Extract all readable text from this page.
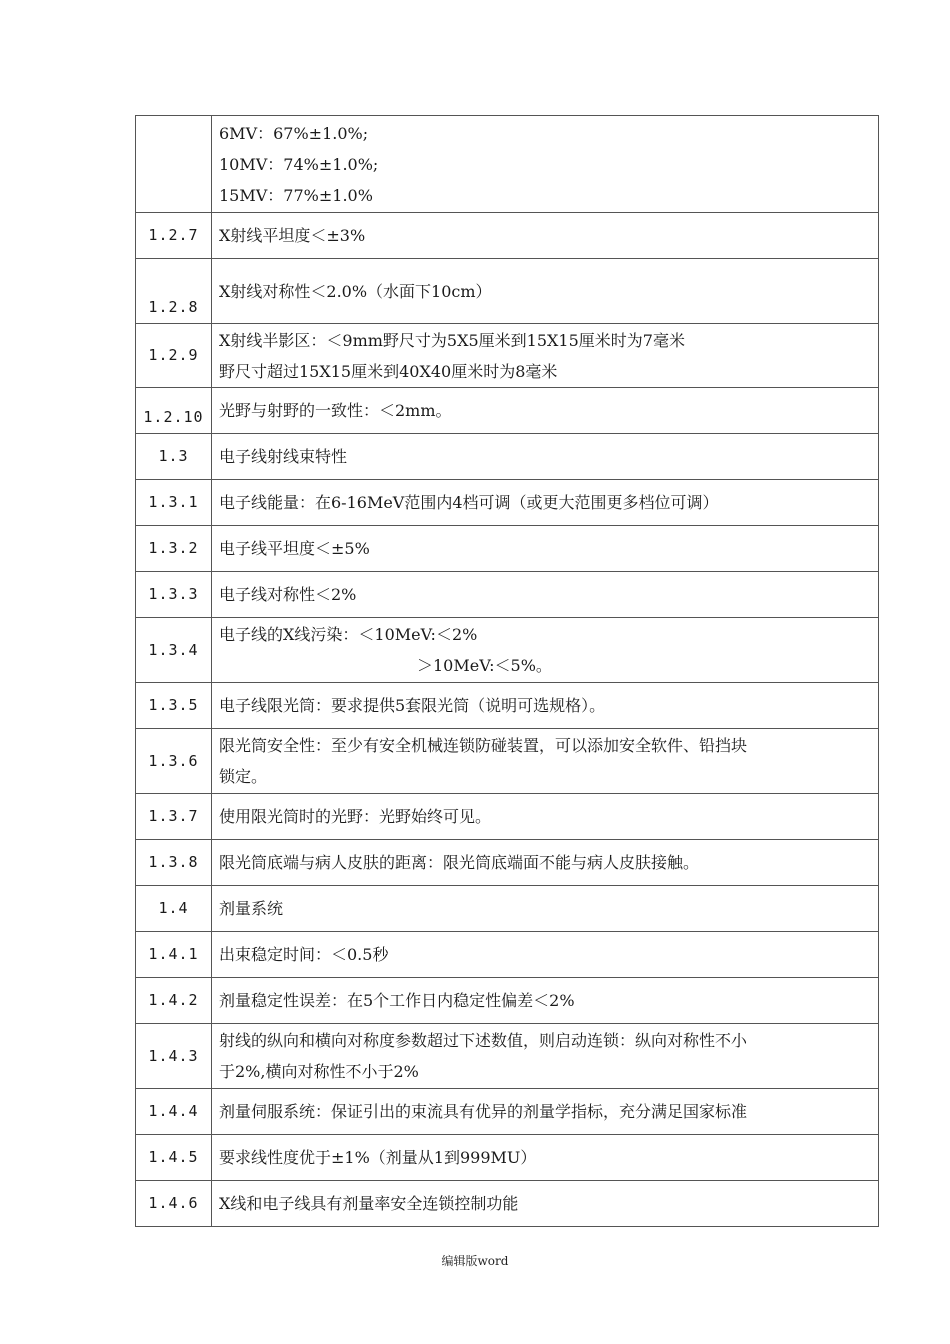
	6MV：67%±1.0%;
10MV：74%±1.0%;
15MV：77%±1.0%

1.2.7	X射线平坦度＜±3%

1.2.8	X射线对称性＜2.0%（水面下10cm）

1.2.9	X射线半影区：＜9mm野尺寸为5X5厘米到15X15厘米时为7毫米
野尺寸超过15X15厘米到40X40厘米时为8毫米

1.2.10	光野与射野的一致性：＜2mm。

1.3	电子线射线束特性

1.3.1	电子线能量：在6-16MeV范围内4档可调（或更大范围更多档位可调）

1.3.2	电子线平坦度＜±5%

1.3.3	电子线对称性＜2%

1.3.4	电子线的X线污染：＜10MeV:＜2%
＞10MeV:＜5%。

1.3.5	电子线限光筒：要求提供5套限光筒（说明可选规格）。

1.3.6	限光筒安全性：至少有安全机械连锁防碰装置，可以添加安全软件、铅挡块
锁定。

1.3.7	使用限光筒时的光野：光野始终可见。

1.3.8	限光筒底端与病人皮肤的距离：限光筒底端面不能与病人皮肤接触。

1.4	剂量系统

1.4.1	出束稳定时间：＜0.5秒

1.4.2	剂量稳定性误差：在5个工作日内稳定性偏差＜2%

1.4.3	射线的纵向和横向对称度参数超过下述数值，则启动连锁：纵向对称性不小
于2%,横向对称性不小于2%

1.4.4	剂量伺服系统：保证引出的束流具有优异的剂量学指标，充分满足国家标准

1.4.5	要求线性度优于±1%（剂量从1到999MU）

1.4.6	X线和电子线具有剂量率安全连锁控制功能
编辑版word
